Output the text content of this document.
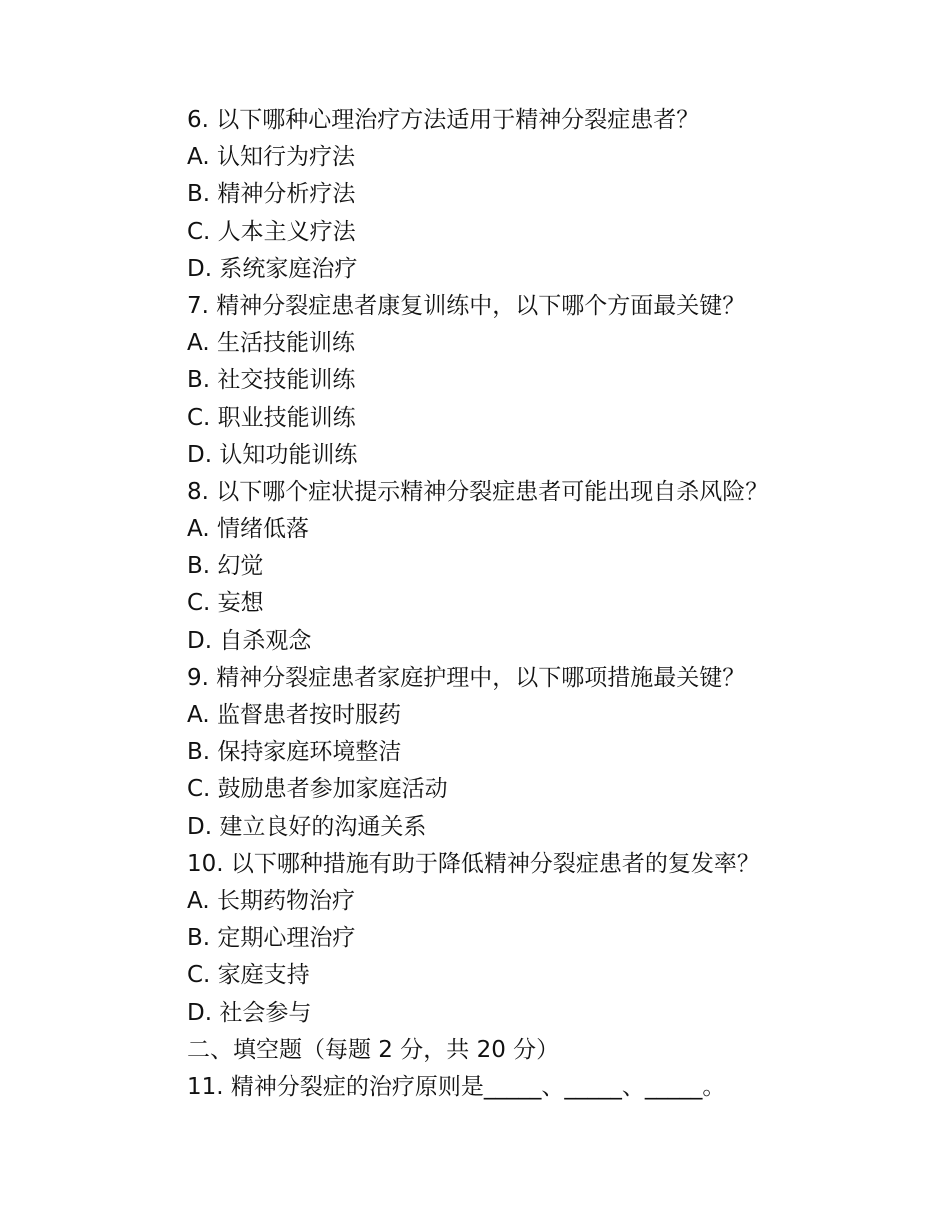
6. 以下哪种心理治疗方法适用于精神分裂症患者？

A. 认知行为疗法

B. 精神分析疗法

C. 人本主义疗法

D. 系统家庭治疗

7. 精神分裂症患者康复训练中，以下哪个方面最关键？

A. 生活技能训练

B. 社交技能训练

C. 职业技能训练

D. 认知功能训练

8. 以下哪个症状提示精神分裂症患者可能出现自杀风险？

A. 情绪低落

B. 幻觉

C. 妄想

D. 自杀观念

9. 精神分裂症患者家庭护理中，以下哪项措施最关键？

A. 监督患者按时服药

B. 保持家庭环境整洁

C. 鼓励患者参加家庭活动

D. 建立良好的沟通关系

10. 以下哪种措施有助于降低精神分裂症患者的复发率？

A. 长期药物治疗

B. 定期心理治疗

C. 家庭支持

D. 社会参与

二、填空题（每题 2 分，共 20 分）

11. 精神分裂症的治疗原则是_____、_____、_____。
